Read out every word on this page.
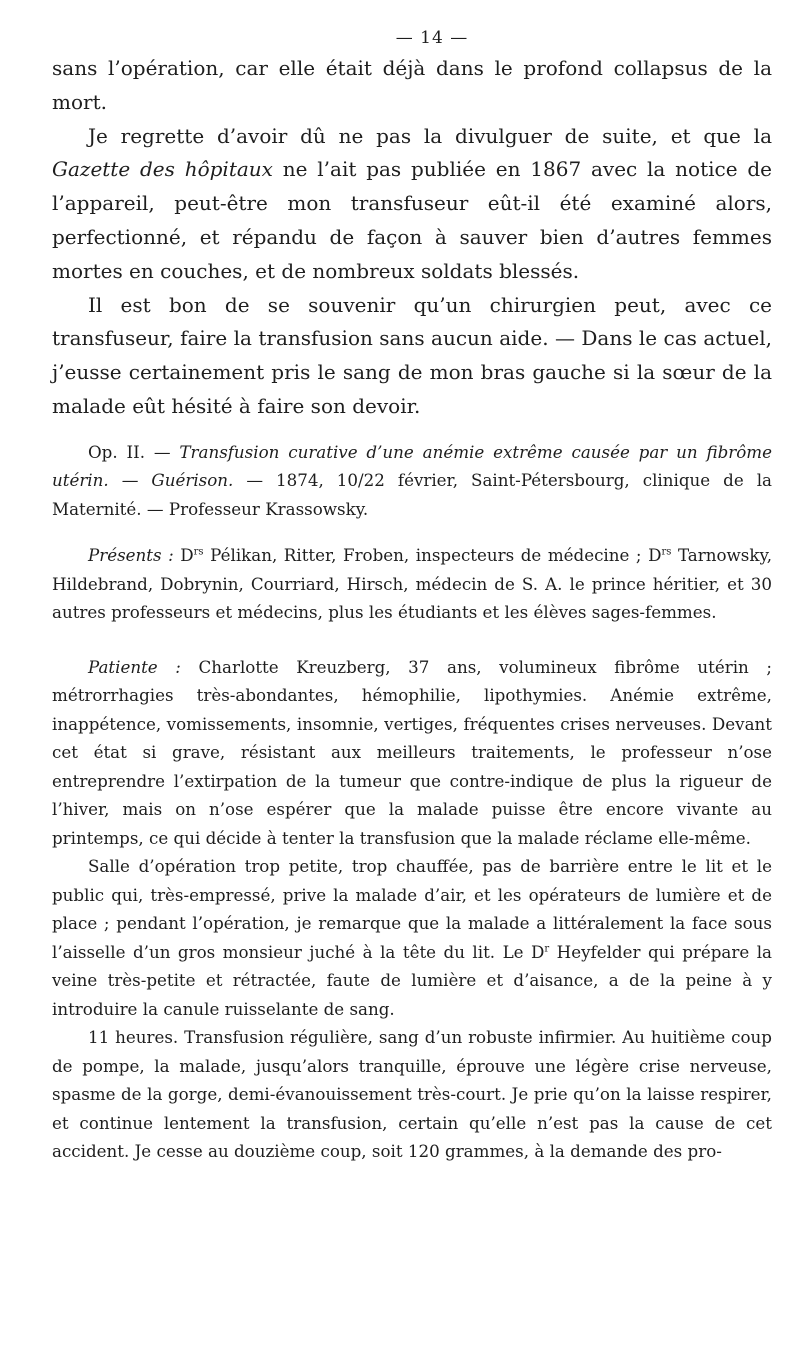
— 14 —

sans l’opération, car elle était déjà dans le profond collapsus de la mort.

Je regrette d’avoir dû ne pas la divulguer de suite, et que la Gazette des hôpitaux ne l’ait pas publiée en 1867 avec la notice de l’appareil, peut-être mon transfuseur eût-il été examiné alors, perfectionné, et répandu de façon à sauver bien d’autres femmes mortes en couches, et de nombreux soldats blessés.

Il est bon de se souvenir qu’un chirurgien peut, avec ce transfuseur, faire la transfusion sans aucun aide. — Dans le cas actuel, j’eusse certainement pris le sang de mon bras gauche si la sœur de la malade eût hésité à faire son devoir.

Op. II. — Transfusion curative d’une anémie extrême causée par un fibrôme utérin. — Guérison. — 1874, 10/22 février, Saint-Pétersbourg, clinique de la Maternité. — Professeur Krassowsky.

Présents : $D^{rs}$ Pélikan, Ritter, Froben, inspecteurs de médecine ; $D^{rs}$ Tarnowsky, Hildebrand, Dobrynin, Courriard, Hirsch, médecin de S. A. le prince héritier, et 30 autres professeurs et médecins, plus les étudiants et les élèves sages-femmes.

Patiente : Charlotte Kreuzberg, 37 ans, volumineux fibrôme utérin ; métrorrhagies très-abondantes, hémophilie, lipothymies. Anémie extrême, inappétence, vomissements, insomnie, vertiges, fréquentes crises nerveuses. Devant cet état si grave, résistant aux meilleurs traitements, le professeur n’ose entreprendre l’extirpation de la tumeur que contre-indique de plus la rigueur de l’hiver, mais on n’ose espérer que la malade puisse être encore vivante au printemps, ce qui décide à tenter la transfusion que la malade réclame elle-même.

Salle d’opération trop petite, trop chauffée, pas de barrière entre le lit et le public qui, très-empressé, prive la malade d’air, et les opérateurs de lumière et de place ; pendant l’opération, je remarque que la malade a littéralement la face sous l’aisselle d’un gros monsieur juché à la tête du lit. Le $D^r$ Heyfelder qui prépare la veine très-petite et rétractée, faute de lumière et d’aisance, a de la peine à y introduire la canule ruisselante de sang.

11 heures. Transfusion régulière, sang d’un robuste infirmier. Au huitième coup de pompe, la malade, jusqu’alors tranquille, éprouve une légère crise nerveuse, spasme de la gorge, demi-évanouissement très-court. Je prie qu’on la laisse respirer, et continue lentement la transfusion, certain qu’elle n’est pas la cause de cet accident. Je cesse au douzième coup, soit 120 grammes, à la demande des pro-
